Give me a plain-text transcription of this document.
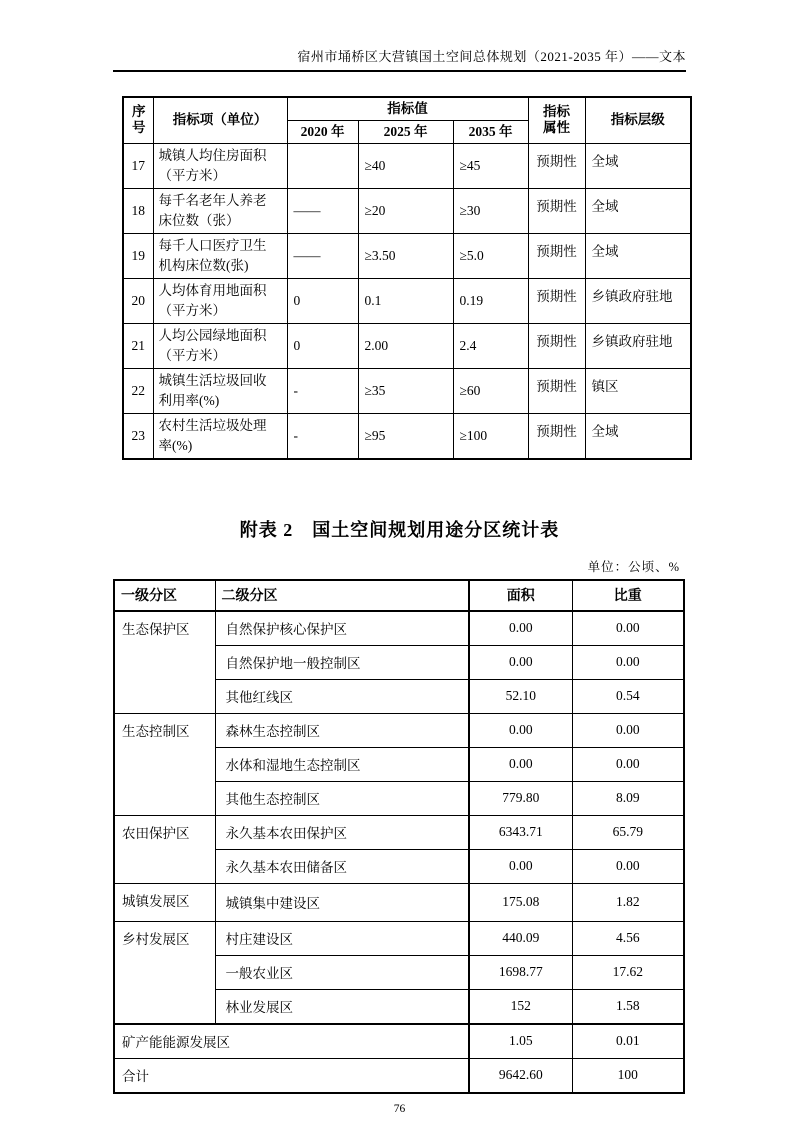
宿州市埇桥区大营镇国土空间总体规划（2021-2035 年）——文本
序号	指标项（单位）	指标值			指标属性	指标层级
		2020 年	2025 年	2035 年		
17	城镇人均住房面积（平方米）		≥40	≥45	预期性	全域
18	每千名老年人养老床位数（张）	——	≥20	≥30	预期性	全域
19	每千人口医疗卫生机构床位数(张)	——	≥3.50	≥5.0	预期性	全域
20	人均体育用地面积（平方米）	0	0.1	0.19	预期性	乡镇政府驻地
21	人均公园绿地面积（平方米）	0	2.00	2.4	预期性	乡镇政府驻地
22	城镇生活垃圾回收利用率(%)	-	≥35	≥60	预期性	镇区
23	农村生活垃圾处理率(%)	-	≥95	≥100	预期性	全域
附表 2　国土空间规划用途分区统计表
单位：公顷、%
一级分区	二级分区	面积	比重
生态保护区	自然保护核心保护区	0.00	0.00
	自然保护地一般控制区	0.00	0.00
	其他红线区	52.10	0.54
生态控制区	森林生态控制区	0.00	0.00
	水体和湿地生态控制区	0.00	0.00
	其他生态控制区	779.80	8.09
农田保护区	永久基本农田保护区	6343.71	65.79
	永久基本农田储备区	0.00	0.00
城镇发展区	城镇集中建设区	175.08	1.82
乡村发展区	村庄建设区	440.09	4.56
	一般农业区	1698.77	17.62
	林业发展区	152	1.58
矿产能能源发展区		1.05	0.01
合计		9642.60	100
76
